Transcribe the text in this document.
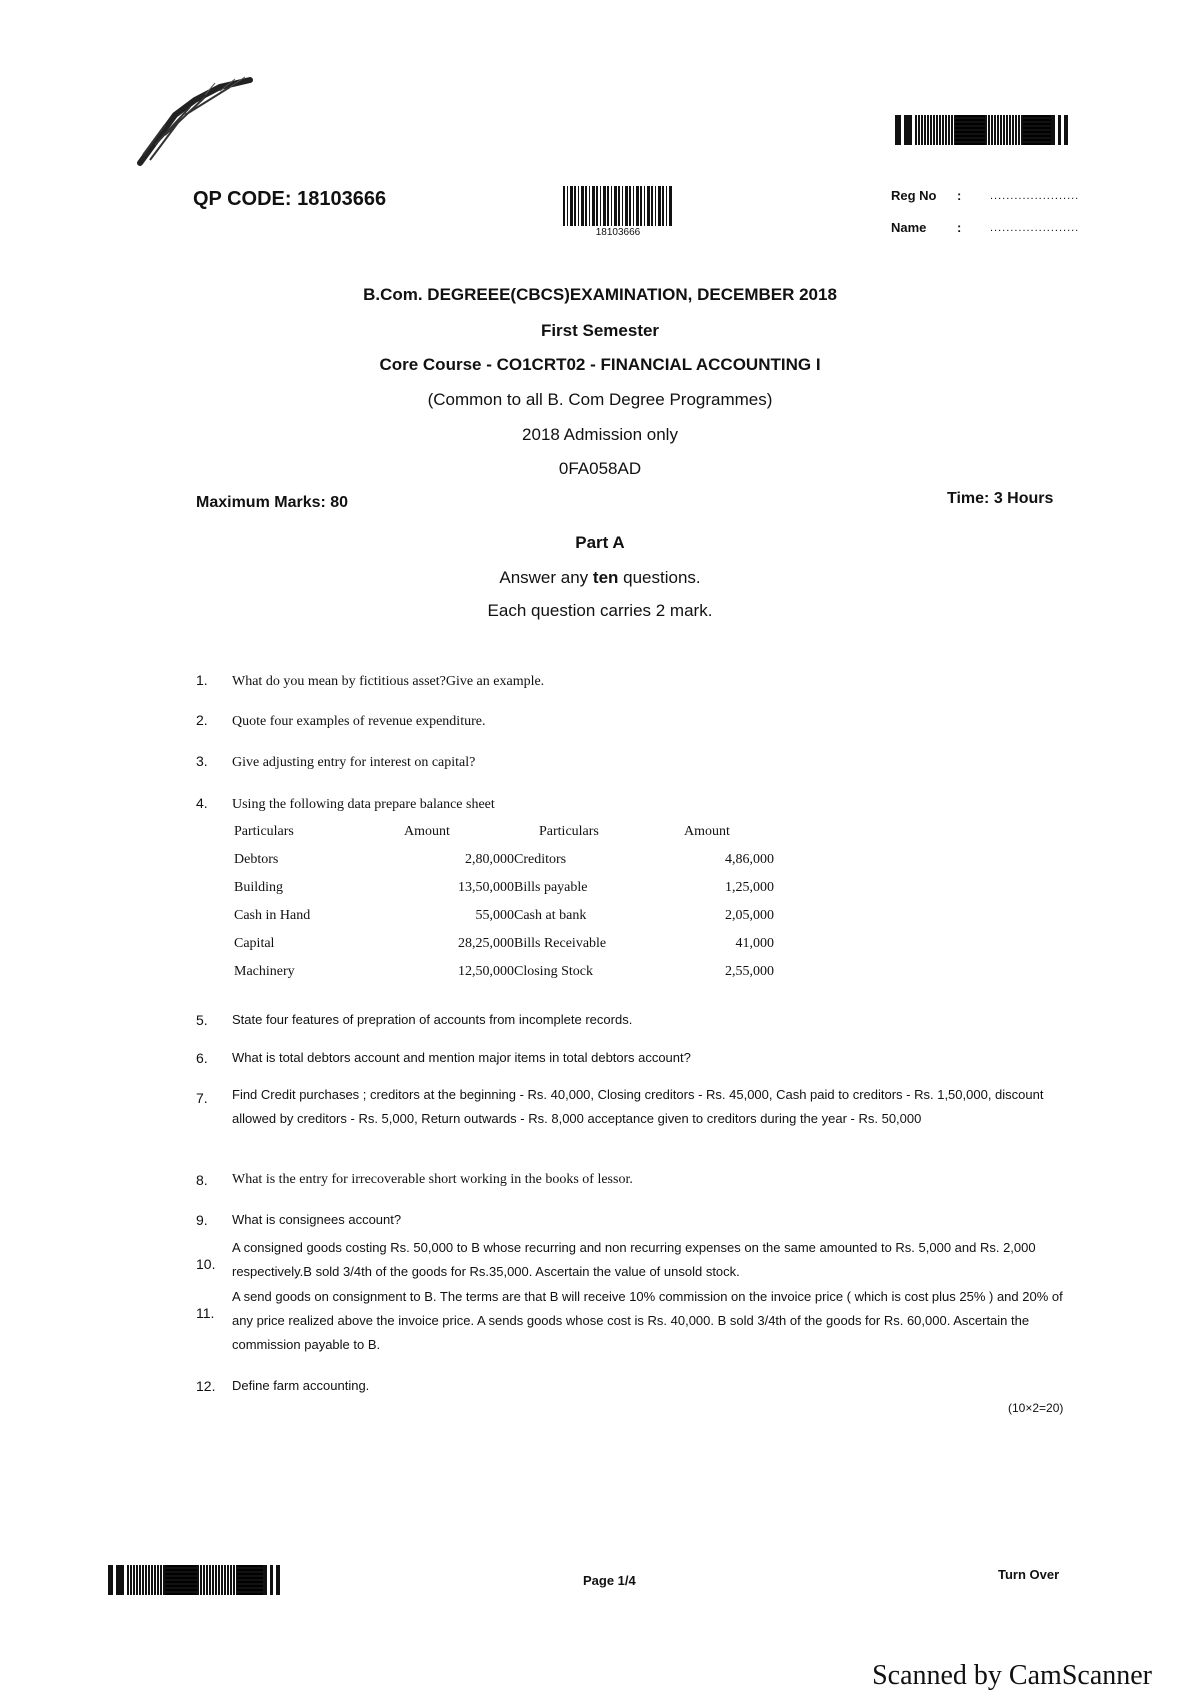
QP CODE: 18103666
18103666
Reg No :	......................
Name :	......................
B.Com. DEGREEE(CBCS)EXAMINATION, DECEMBER 2018
First Semester
Core Course - CO1CRT02 - FINANCIAL ACCOUNTING I
(Common to all B. Com Degree Programmes)
2018 Admission only
0FA058AD
Maximum Marks: 80	Time: 3 Hours
Part A
Answer any ten questions.
Each question carries 2 mark.
1. What do you mean by fictitious asset?Give an example.
2. Quote four examples of revenue expenditure.
3. Give adjusting entry for interest on capital?
4. Using the following data prepare balance sheet
Particulars	Amount	Particulars	Amount
Debtors	2,80,000	Creditors	4,86,000
Building	13,50,000	Bills payable	1,25,000
Cash in Hand	55,000	Cash at bank	2,05,000
Capital	28,25,000	Bills Receivable	41,000
Machinery	12,50,000	Closing Stock	2,55,000
5. State four features of prepration of accounts from incomplete records.
6. What is total debtors account and mention major items in total debtors account?
7. Find Credit purchases ; creditors at the beginning - Rs. 40,000, Closing creditors - Rs. 45,000, Cash paid to creditors - Rs. 1,50,000, discount allowed by creditors - Rs. 5,000, Return outwards - Rs. 8,000 acceptance given to creditors during the year - Rs. 50,000
8. What is the entry for irrecoverable short working in the books of lessor.
9. What is consignees account?
10.
A consigned goods costing Rs. 50,000 to B whose recurring and non recurring expenses on the same amounted to Rs. 5,000 and Rs. 2,000 respectively.B sold 3/4th of the goods for Rs.35,000. Ascertain the value of unsold stock.
11.
A send goods on consignment to B. The terms are that B will receive 10% commission on the invoice price ( which is cost plus 25% ) and 20% of any price realized above the invoice price. A sends goods whose cost is Rs. 40,000. B sold 3/4th of the goods for Rs. 60,000. Ascertain the commission payable to B.
12. Define farm accounting.
(10×2=20)
Page 1/4	Turn Over
Scanned by CamScanner
